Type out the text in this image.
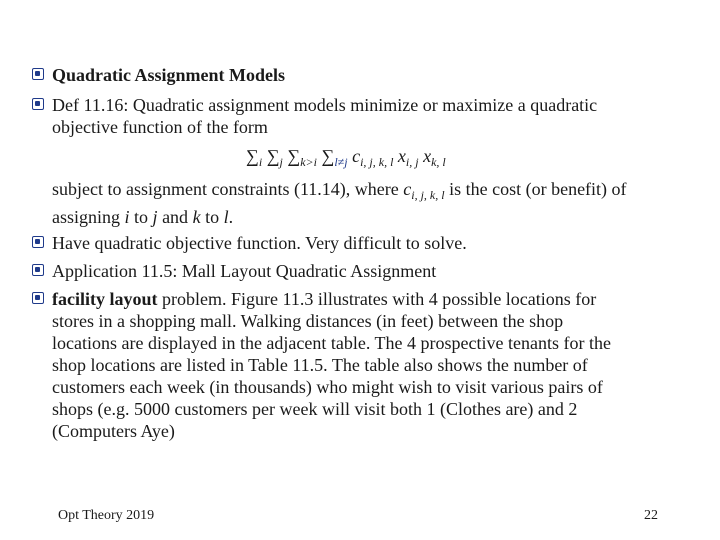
Quadratic Assignment Models
Def 11.16: Quadratic assignment models minimize or maximize a quadratic
objective function of the form
$\sum_i$ $\sum_j$ $\sum_{k>i}$ $\sum_{l\ne j}$ $c_{i, j, k, l}$ $x_{i, j}$ $x_{k, l}$
subject to assignment constraints (11.14), where $c_{i, j, k, l}$ is the cost (or benefit) of
assigning i to j and k to l.
Have quadratic objective function. Very difficult to solve.
Application 11.5: Mall Layout Quadratic Assignment
facility layout problem. Figure 11.3 illustrates with 4 possible locations for
stores in a shopping mall. Walking distances (in feet) between the shop
locations are displayed in the adjacent table. The 4 prospective tenants for the
shop locations are listed in Table 11.5. The table also shows the number of
customers each week (in thousands) who might wish to visit various pairs of
shops (e.g. 5000 customers per week will visit both 1 (Clothes are) and 2
(Computers Aye)
Opt Theory 2019	22
